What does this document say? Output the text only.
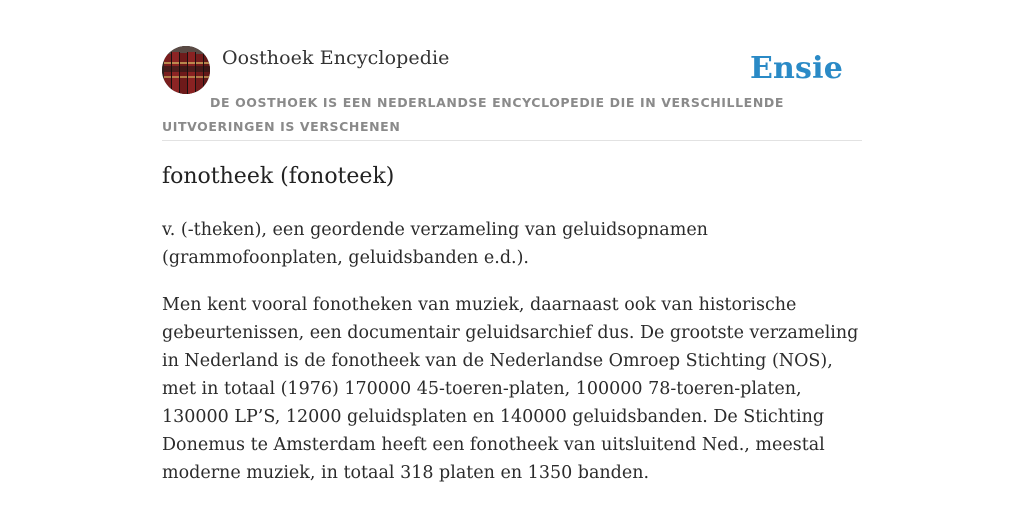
Oosthoek Encyclopedie	Ensie
DE OOSTHOEK IS EEN NEDERLANDSE ENCYCLOPEDIE DIE IN VERSCHILLENDE UITVOERINGEN IS VERSCHENEN
fonotheek (fonoteek)

v. (-theken), een geordende verzameling van geluidsopnamen (grammofoonplaten, geluidsbanden e.d.).

Men kent vooral fonotheken van muziek, daarnaast ook van historische gebeurtenissen, een documentair geluidsarchief dus. De grootste verzameling in Nederland is de fonotheek van de Nederlandse Omroep Stichting (NOS), met in totaal (1976) 170000 45-toeren-platen, 100000 78-toeren-platen, 130000 LP’S, 12000 geluidsplaten en 140000 geluidsbanden. De Stichting Donemus te Amsterdam heeft een fonotheek van uitsluitend Ned., meestal moderne muziek, in totaal 318 platen en 1350 banden.
